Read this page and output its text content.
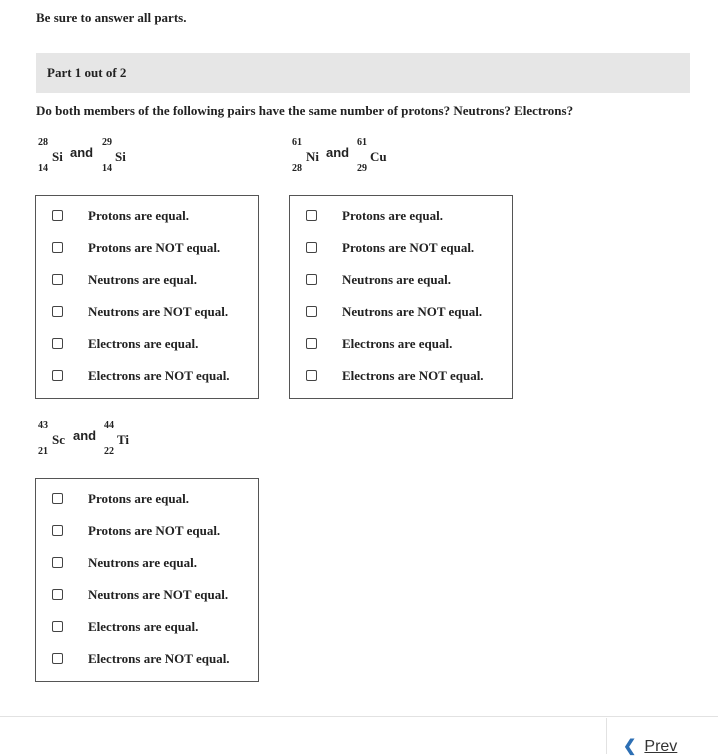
Be sure to answer all parts.
Part 1 out of 2
Do both members of the following pairs have the same number of protons? Neutrons? Electrons?
28
Si
14
and
29
Si
14
61
Ni
28
and
61
Cu
29
Protons are equal.
Protons are NOT equal.
Neutrons are equal.
Neutrons are NOT equal.
Electrons are equal.
Electrons are NOT equal.
Protons are equal.
Protons are NOT equal.
Neutrons are equal.
Neutrons are NOT equal.
Electrons are equal.
Electrons are NOT equal.
43
Sc
21
and
44
Ti
22
Protons are equal.
Protons are NOT equal.
Neutrons are equal.
Neutrons are NOT equal.
Electrons are equal.
Electrons are NOT equal.
❮ Prev
